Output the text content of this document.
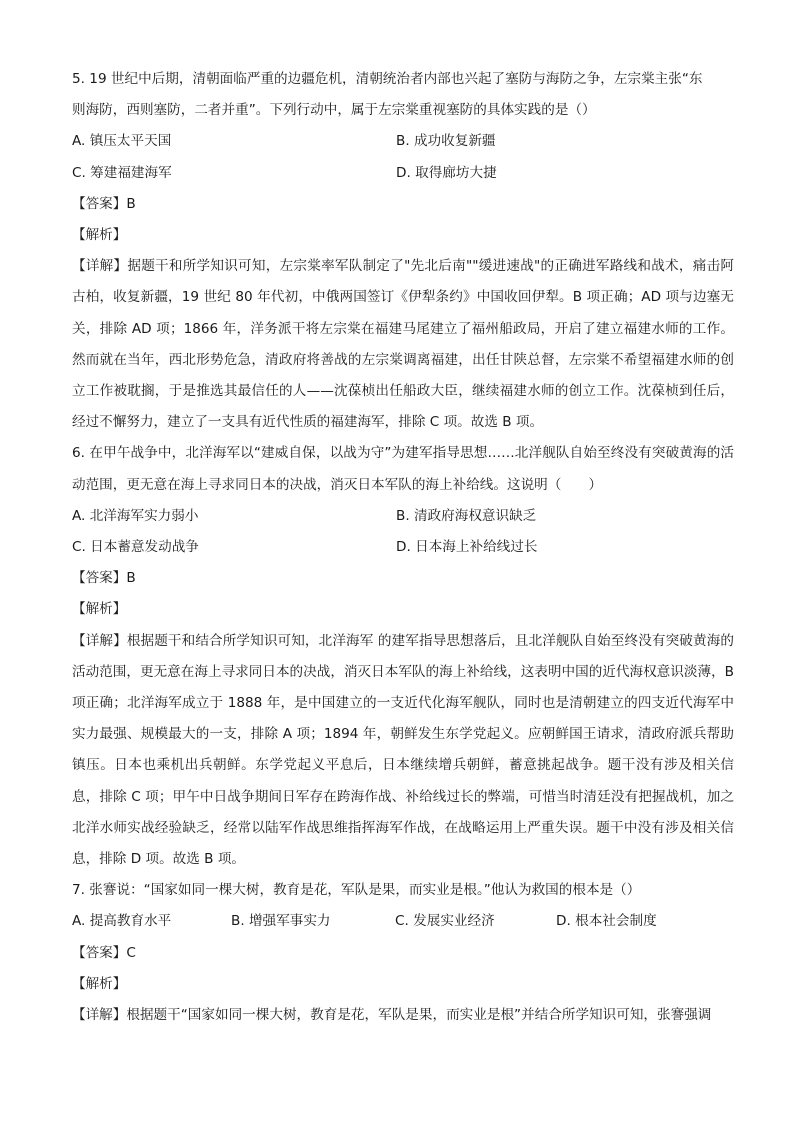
5. 19 世纪中后期，清朝面临严重的边疆危机，清朝统治者内部也兴起了塞防与海防之争，左宗棠主张“东
则海防，西则塞防，二者并重”。下列行动中，属于左宗棠重视塞防的具体实践的是（）
A. 镇压太平天国	B. 成功收复新疆
C. 筹建福建海军	D. 取得廊坊大捷
【答案】B
【解析】
【详解】据题干和所学知识可知，左宗棠率军队制定了"先北后南""缓进速战"的正确进军路线和战术，痛击阿古柏，收复新疆，19 世纪 80 年代初，中俄两国签订《伊犁条约》中国收回伊犁。B 项正确；AD 项与边塞无关，排除 AD 项；1866 年，洋务派干将左宗棠在福建马尾建立了福州船政局，开启了建立福建水师的工作。然而就在当年，西北形势危急，清政府将善战的左宗棠调离福建，出任甘陕总督，左宗棠不希望福建水师的创立工作被耽搁，于是推选其最信任的人——沈葆桢出任船政大臣，继续福建水师的创立工作。沈葆桢到任后，经过不懈努力，建立了一支具有近代性质的福建海军，排除 C 项。故选 B 项。
6. 在甲午战争中，北洋海军以“建威自保，以战为守”为建军指导思想……北洋舰队自始至终没有突破黄海的活动范围，更无意在海上寻求同日本的决战，消灭日本军队的海上补给线。这说明（　　）
A. 北洋海军实力弱小	B. 清政府海权意识缺乏
C. 日本蓄意发动战争	D. 日本海上补给线过长
【答案】B
【解析】
【详解】根据题干和结合所学知识可知，北洋海军 的建军指导思想落后，且北洋舰队自始至终没有突破黄海的活动范围，更无意在海上寻求同日本的决战，消灭日本军队的海上补给线，这表明中国的近代海权意识淡薄，B 项正确；北洋海军成立于 1888 年，是中国建立的一支近代化海军舰队，同时也是清朝建立的四支近代海军中实力最强、规模最大的一支，排除 A 项；1894 年，朝鲜发生东学党起义。应朝鲜国王请求，清政府派兵帮助镇压。日本也乘机出兵朝鲜。东学党起义平息后，日本继续增兵朝鲜，蓄意挑起战争。题干没有涉及相关信息，排除 C 项；甲午中日战争期间日军存在跨海作战、补给线过长的弊端，可惜当时清廷没有把握战机，加之北洋水师实战经验缺乏，经常以陆军作战思维指挥海军作战，在战略运用上严重失误。题干中没有涉及相关信息，排除 D 项。故选 B 项。
7. 张謇说：“国家如同一棵大树，教育是花，军队是果，而实业是根。”他认为救国的根本是（）
A. 提高教育水平	B. 增强军事实力	C. 发展实业经济	D. 根本社会制度
【答案】C
【解析】
【详解】根据题干“国家如同一棵大树，教育是花，军队是果，而实业是根”并结合所学知识可知，张謇强调
